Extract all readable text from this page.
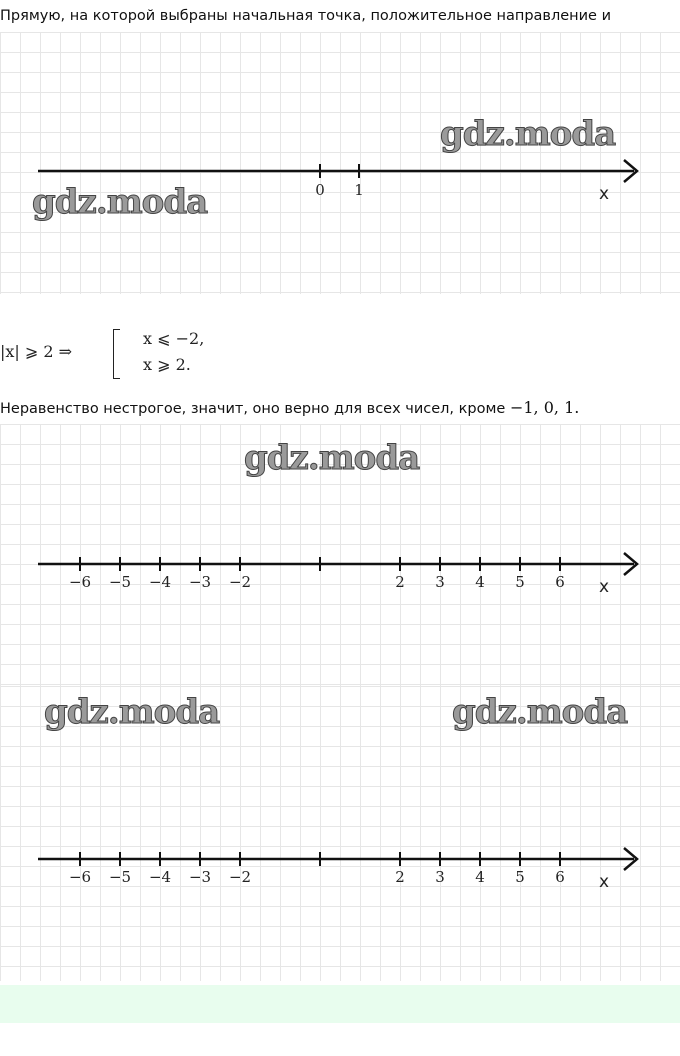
Прямую, на которой выбраны начальная точка, положительное направление и
gdz.moda
gdz.moda	0 1	x
|x| ⩾ 2 ⇒
x ⩽ −2,
x ⩾ 2.
Неравенство нестрогое, значит, оно верно для всех чисел, кроме −1, 0, 1.
gdz.moda
−6 −5 −4 −3 −2	2 3 4 5 6 x
gdz.moda	gdz.moda
−6 −5 −4 −3 −2	2 3 4 5 6 x
